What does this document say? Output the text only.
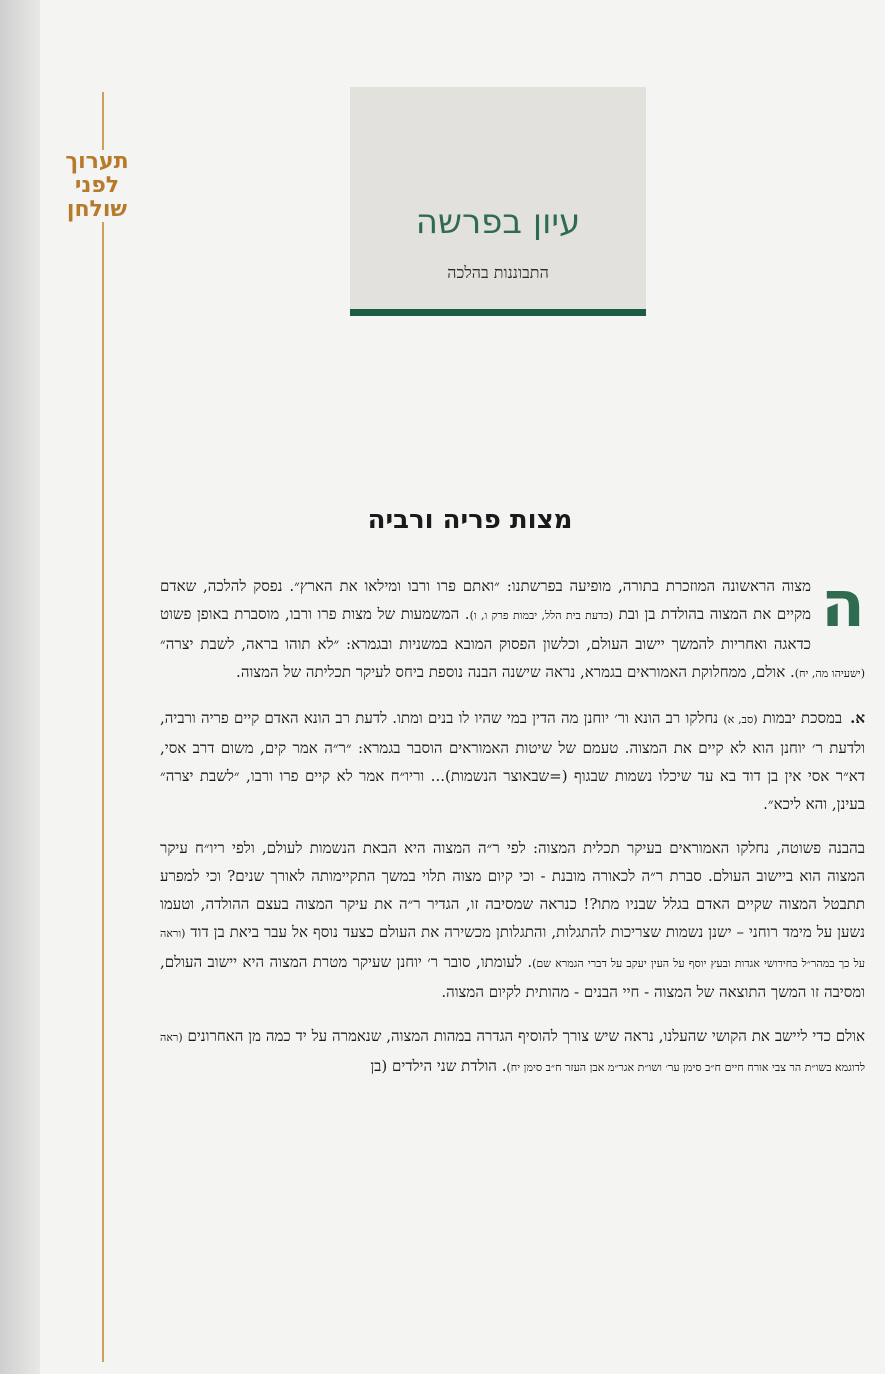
תערוך
לפני
שולחן	עיון בפרשה
התבוננות בהלכה
מצות פריה ורביה

ה
מצוה הראשונה המוזכרת בתורה, מופיעה בפרשתנו: ״ואתם פרו ורבו ומילאו את הארץ״. נפסק להלכה, שאדם מקיים את המצוה בהולדת בן ובת (כדעת בית הלל, יבמות פרק ו, ו). המשמעות של מצות פרו ורבו, מוסברת באופן פשוט כדאגה ואחריות להמשך יישוב העולם, וכלשון הפסוק המובא במשניות ובגמרא: ״לא תוהו בראה, לשבת יצרה״ (ישעיהו מה, יח). אולם, ממחלוקת האמוראים בגמרא, נראה שישנה הבנה נוספת ביחס לעיקר תכליתה של המצוה.

א.במסכת יבמות (סב, א) נחלקו רב הונא ור׳ יוחנן מה הדין במי שהיו לו בנים ומתו. לדעת רב הונא האדם קיים פריה ורביה, ולדעת ר׳ יוחנן הוא לא קיים את המצוה. טעמם של שיטות האמוראים הוסבר בגמרא: ״ר״ה אמר קים, משום דרב אסי, דא״ר אסי אין בן דוד בא עד שיכלו נשמות שבגוף (=שבאוצר הנשמות)... וריו״ח אמר לא קיים פרו ורבו, ״לשבת יצרה״ בעינן, והא ליכא״.

בהבנה פשוטה, נחלקו האמוראים בעיקר תכלית המצוה: לפי ר״ה המצוה היא הבאת הנשמות לעולם, ולפי ריו״ח עיקר המצוה הוא ביישוב העולם. סברת ר״ה לכאורה מובנת - וכי קיום מצוה תלוי במשך התקיימותה לאורך שנים? וכי למפרע תתבטל המצוה שקיים האדם בגלל שבניו מתו?! כנראה שמסיבה זו, הגדיר ר״ה את עיקר המצוה בעצם ההולדה, וטעמו נשען על מימד רוחני – ישנן נשמות שצריכות להתגלות, והתגלותן מכשירה את העולם כצעד נוסף אל עבר ביאת בן דוד (וראה על כך במהר״ל בחידושי אגדות ובעץ יוסף על העין יעקב על דברי הגמרא שם). לעומתו, סובר ר׳ יוחנן שעיקר מטרת המצוה היא יישוב העולם, ומסיבה זו המשך התוצאה של המצוה - חיי הבנים - מהותית לקיום המצוה.

אולם כדי ליישב את הקושי שהעלנו, נראה שיש צורך להוסיף הגדרה במהות המצוה, שנאמרה על יד כמה מן האחרונים (ראה לדוגמא בשו״ת הר צבי אורח חיים ח״ב סימן ער׳ ושו״ת אגר״מ אבן העזר ח״ב סימן יח). הולדת שני הילדים (בן
